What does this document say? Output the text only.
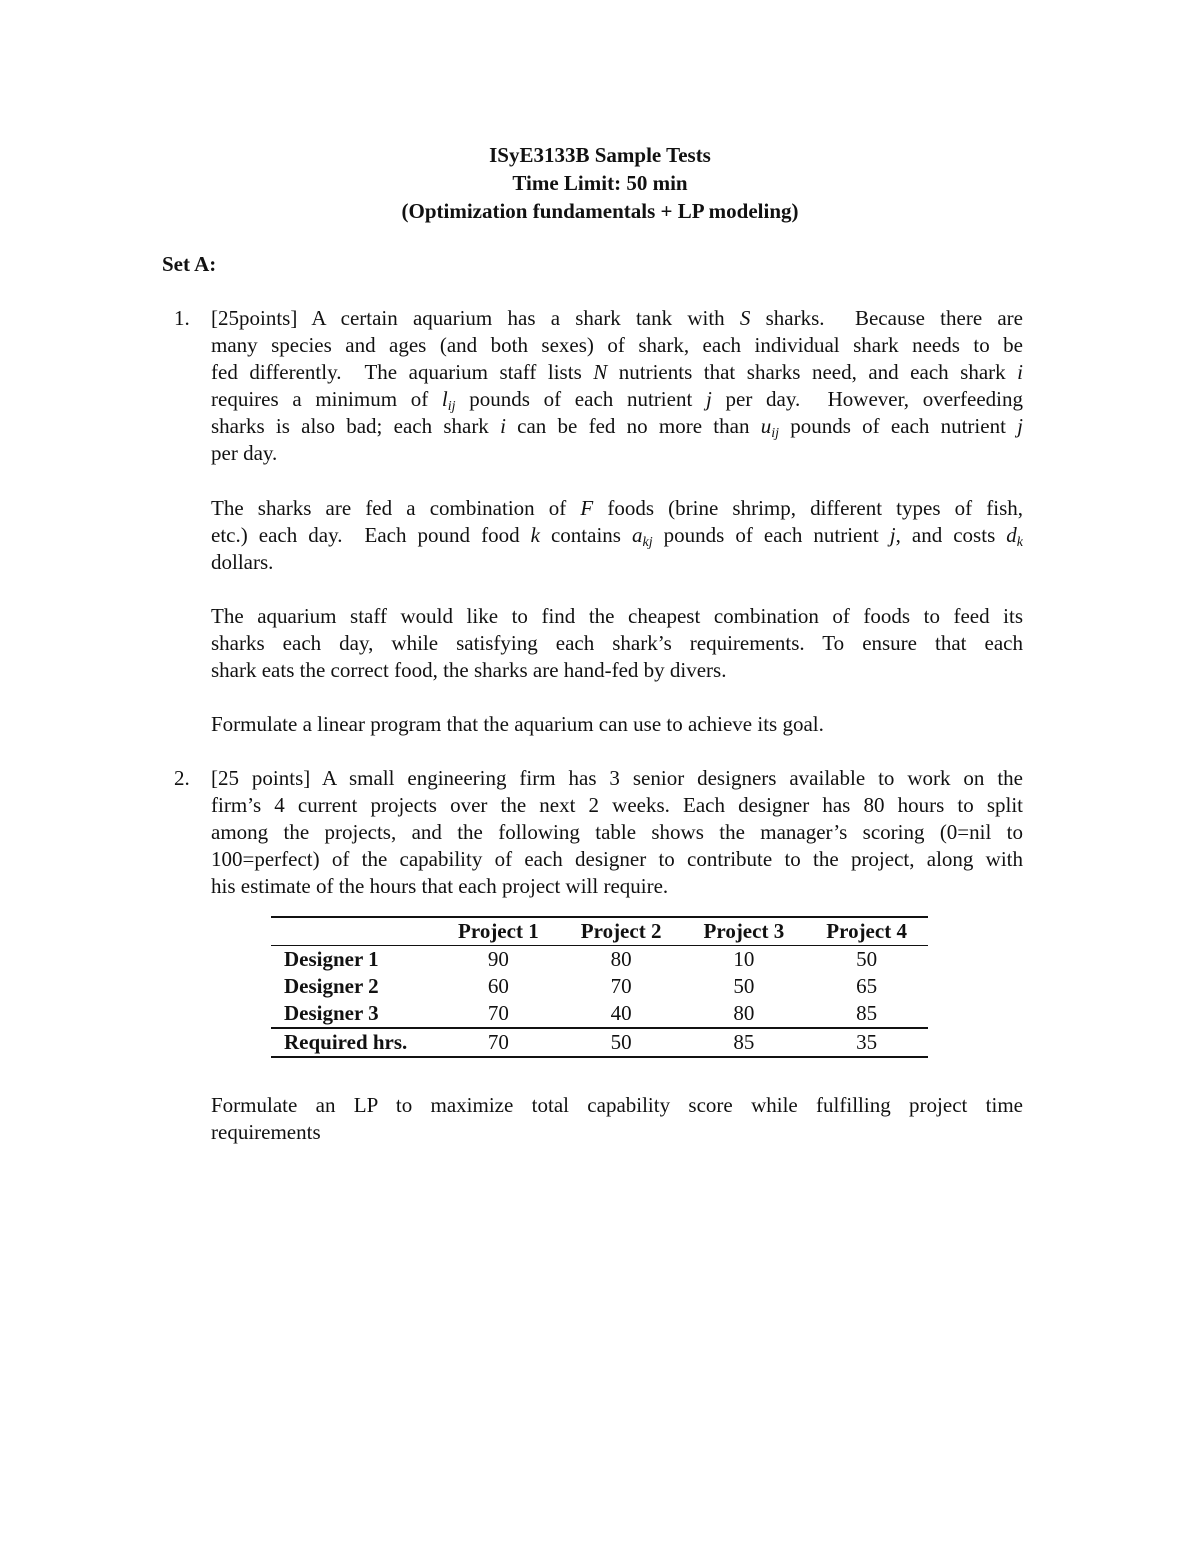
ISyE3133B Sample Tests
Time Limit: 50 min
(Optimization fundamentals + LP modeling)
Set A:
1. [25points] A certain aquarium has a shark tank with S sharks.  Because there are
many species and ages (and both sexes) of shark, each individual shark needs to be
fed differently.  The aquarium staff lists N nutrients that sharks need, and each shark i
requires a minimum of $l_{ij}$ pounds of each nutrient j per day.  However, overfeeding
sharks is also bad; each shark i can be fed no more than $u_{ij}$ pounds of each nutrient j
per day.
The sharks are fed a combination of F foods (brine shrimp, different types of fish,
etc.) each day.  Each pound food k contains $a_{kj}$ pounds of each nutrient j, and costs $d_k$
dollars.
The aquarium staff would like to find the cheapest combination of foods to feed its
sharks each day, while satisfying each shark’s requirements. To ensure that each
shark eats the correct food, the sharks are hand-fed by divers.
Formulate a linear program that the aquarium can use to achieve its goal.
2. [25 points] A small engineering firm has 3 senior designers available to work on the
firm’s 4 current projects over the next 2 weeks. Each designer has 80 hours to split
among the projects, and the following table shows the manager’s scoring (0=nil to
100=perfect) of the capability of each designer to contribute to the project, along with
his estimate of the hours that each project will require.
	Project 1	Project 2	Project 3	Project 4
Designer 1	90	80	10	50
Designer 2	60	70	50	65
Designer 3	70	40	80	85
Required hrs.	70	50	85	35
Formulate an LP to maximize total capability score while fulfilling project time
requirements
